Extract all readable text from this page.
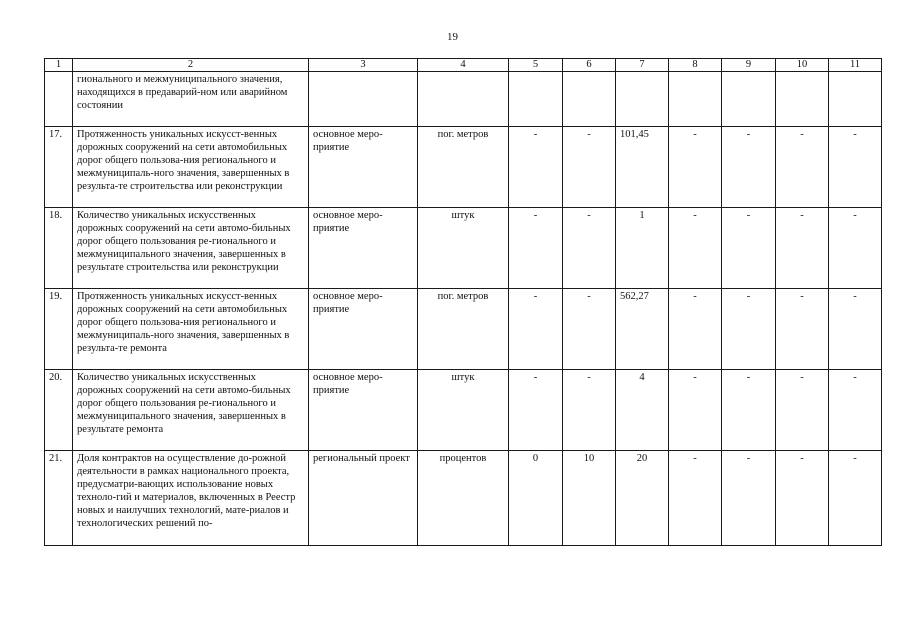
19
1	2	3	4	5	6	7	8	9	10	11
	гионального и межмуниципального значения, находящихся в предаварий-ном или аварийном состоянии									
17.	Протяженность уникальных искусст-венных дорожных сооружений на сети автомобильных дорог общего пользова-ния регионального и межмуниципаль-ного значения, завершенных в результа-те строительства или реконструкции	основное меро-приятие	пог. метров	-	-	101,45	-	-	-	-
18.	Количество уникальных искусственных дорожных сооружений на сети автомо-бильных дорог общего пользования ре-гионального и межмуниципального значения, завершенных в результате строительства или реконструкции	основное меро-приятие	штук	-	-	1	-	-	-	-
19.	Протяженность уникальных искусст-венных дорожных сооружений на сети автомобильных дорог общего пользова-ния регионального и межмуниципаль-ного значения, завершенных в результа-те ремонта	основное меро-приятие	пог. метров	-	-	562,27	-	-	-	-
20.	Количество уникальных искусственных дорожных сооружений на сети автомо-бильных дорог общего пользования ре-гионального и межмуниципального значения, завершенных в результате ремонта	основное меро-приятие	штук	-	-	4	-	-	-	-
21.	Доля контрактов на осуществление до-рожной деятельности в рамках национального проекта, предусматри-вающих использование новых техноло-гий и материалов, включенных в Реестр новых и наилучших технологий, мате-риалов и технологических решений по-	региональный проект	процентов	0	10	20	-	-	-	-
